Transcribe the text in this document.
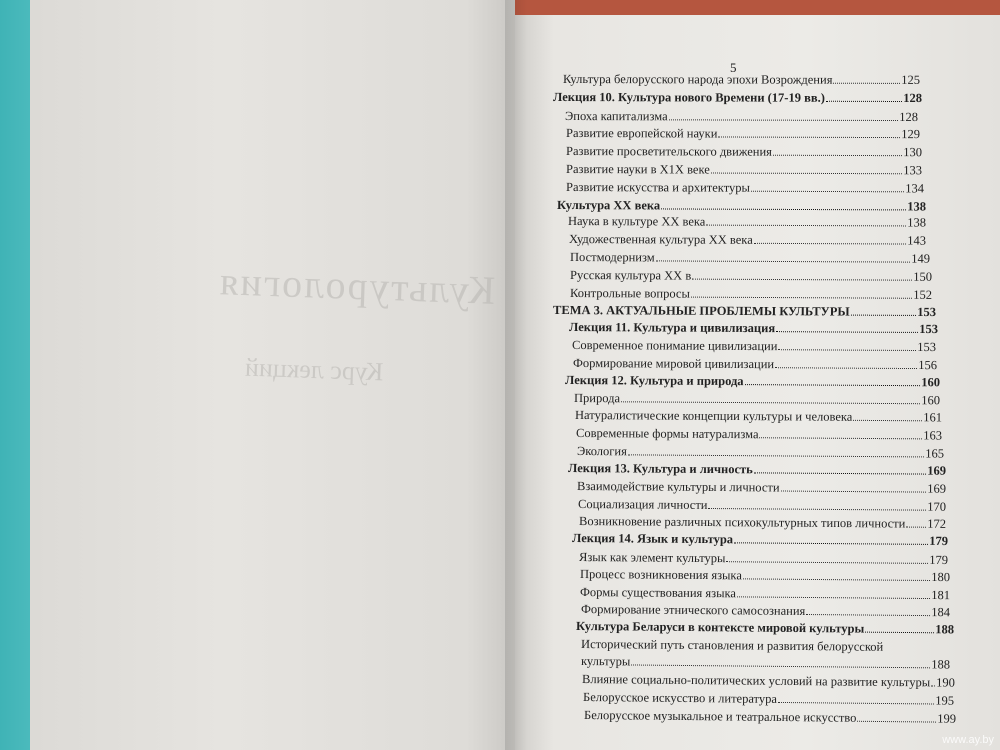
Культурология
Курс лекций
5
Культура белорусского народа эпохи Возрождения	125
Лекция 10. Культура нового Времени (17-19 вв.)	128
Эпоха капитализма	128
Развитие европейской науки	129
Развитие просветительского движения	130
Развитие науки в Х1Х веке	133
Развитие искусства и архитектуры	134
Культура ХХ века	138
Наука в культуре ХХ века	138
Художественная культура ХХ века	143
Постмодернизм	149
Русская культура ХХ в.	150
Контрольные вопросы	152
ТЕМА 3. АКТУАЛЬНЫЕ ПРОБЛЕМЫ КУЛЬТУРЫ	153
Лекция 11. Культура и цивилизация	153
Современное понимание цивилизации	153
Формирование мировой цивилизации	156
Лекция 12. Культура и природа	160
Природа	160
Натуралистические концепции культуры и человека	161
Современные формы натурализма	163
Экология	165
Лекция 13. Культура и личность	169
Взаимодействие культуры и личности	169
Социализация личности	170
Возникновение различных психокультурных типов личности 172
Лекция 14. Язык и культура	179
Язык как элемент культуры	179
Процесс возникновения языка	180
Формы существования языка	181
Формирование этнического самосознания	184
Культура Беларуси в контексте мировой культуры	188
Исторический путь становления и развития белорусской
культуры	188
Влияние социально-политических условий на развитие культуры 190
Белорусское искусство и литература	195
Белорусское музыкальное и театральное искусство	199
www.ay.by
